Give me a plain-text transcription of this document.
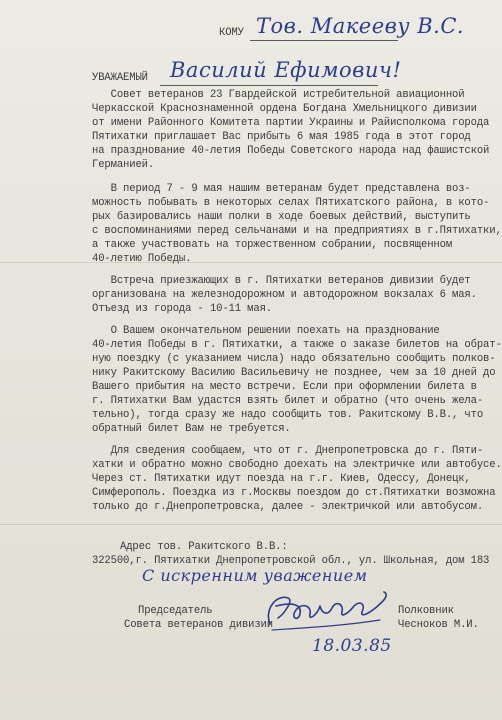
КОМУ Тов. Макееву В.С.
УВАЖАЕМЫЙ Василий Ефимович!
Совет ветеранов 23 Гвардейской истребительной авиационной
Черкасской Краснознаменной ордена Богдана Хмельницкого дивизии
от имени Районного Комитета партии Украины и Райисполкома города
Пятихатки приглашает Вас прибыть 6 мая 1985 года в этот город
на празднование 40-летия Победы Советского народа над фашистской
Германией.
В период 7 - 9 мая нашим ветеранам будет представлена воз-
можность побывать в некоторых селах Пятихатского района, в кото-
рых базировались наши полки в ходе боевых действий, выступить
с воспоминаниями перед сельчанами и на предприятиях в г.Пятихатки,
а также участвовать на торжественном собрании, посвященном
40-летию Победы.
Встреча приезжающих в г. Пятихатки ветеранов дивизии будет
организована на железнодорожном и автодорожном вокзалах 6 мая.
Отъезд из города - 10-11 мая.
О Вашем окончательном решении поехать на празднование
40-летия Победы в г. Пятихатки, а также о заказе билетов на обрат-
ную поездку (с указанием числа) надо обязательно сообщить полков-
нику Ракитскому Василию Васильевичу не позднее, чем за 10 дней до
Вашего прибытия на место встречи. Если при оформлении билета в
г. Пятихатки Вам удастся взять билет и обратно (что очень жела-
тельно), тогда сразу же надо сообщить тов. Ракитскому В.В., что
обратный билет Вам не требуется.
Для сведения сообщаем, что от г. Днепропетровска до г. Пяти-
хатки и обратно можно свободно доехать на электричке или автобусе.
Через ст. Пятихатки идут поезда на г.г. Киев, Одессу, Донецк,
Симферополь. Поездка из г.Москвы поездом до ст.Пятихатки возможна
только до г.Днепропетровска, далее - электричкой или автобусом.
Адрес тов. Ракитского В.В.:
322500,г. Пятихатки Днепропетровской обл., ул. Школьная, дом 183
С искренним уважением
Председатель
Совета ветеранов дивизии
Полковник
Чесноков М.И.
18.03.85
